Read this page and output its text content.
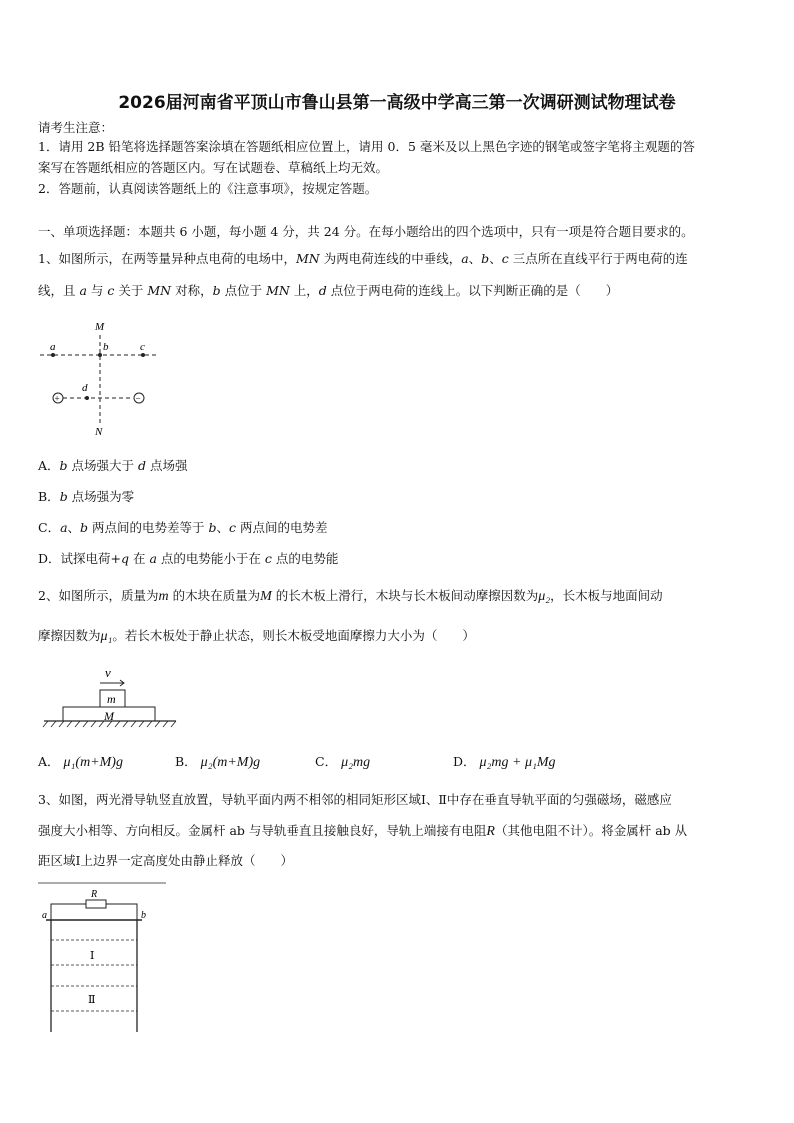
2026届河南省平顶山市鲁山县第一高级中学高三第一次调研测试物理试卷
请考生注意：
1．请用 2B 铅笔将选择题答案涂填在答题纸相应位置上，请用 0．5 毫米及以上黑色字迹的钢笔或签字笔将主观题的答
案写在答题纸相应的答题区内。写在试题卷、草稿纸上均无效。
2．答题前，认真阅读答题纸上的《注意事项》，按规定答题。
一、单项选择题：本题共 6 小题，每小题 4 分，共 24 分。在每小题给出的四个选项中，只有一项是符合题目要求的。
1、如图所示，在两等量异种点电荷的电场中，MN 为两电荷连线的中垂线，a、b、c 三点所在直线平行于两电荷的连
线，且 a 与 c 关于 MN 对称，b 点位于 MN 上，d 点位于两电荷的连线上。以下判断正确的是（　　）
M
N
a	b	c
d
+	−
A．b 点场强大于 d 点场强
B．b 点场强为零
C．a、b 两点间的电势差等于 b、c 两点间的电势差
D．试探电荷+q 在 a 点的电势能小于在 c 点的电势能
2、如图所示，质量为m 的木块在质量为M 的长木板上滑行，木块与长木板间动摩擦因数为μ₂，长木板与地面间动
摩擦因数为μ₁。若长木板处于静止状态，则长木板受地面摩擦力大小为（　　）
v
m
M
A． μ₁(m+M)g	B． μ₂(m+M)g	C． μ₂mg	D． μ₂mg + μ₁Mg
3、如图，两光滑导轨竖直放置，导轨平面内两不相邻的相同矩形区域Ⅰ、Ⅱ中存在垂直导轨平面的匀强磁场，磁感应
强度大小相等、方向相反。金属杆 ab 与导轨垂直且接触良好，导轨上端接有电阻R（其他电阻不计）。将金属杆 ab 从
距区域Ⅰ上边界一定高度处由静止释放（　　）
R
a	b
Ⅰ
Ⅱ
